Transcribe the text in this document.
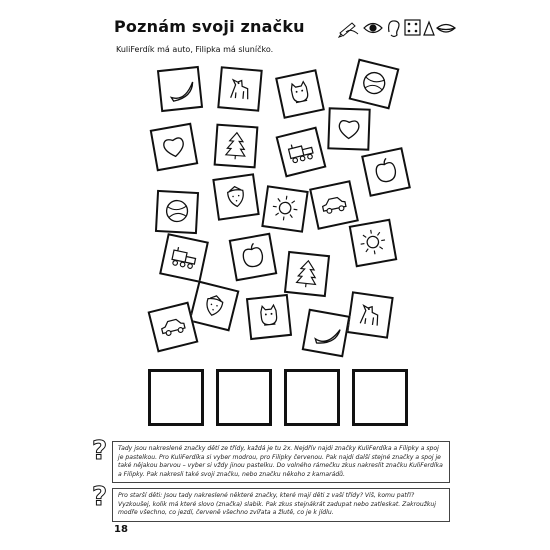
Poznám svoji značku
KuliFerdík má auto, Filipka má sluníčko.
?	Tady jsou nakreslené značky dětí ze třídy, každá je tu 2x. Nejdřív najdi značky KuliFerdíka a Filipky a spoj je pastelkou. Pro KuliFerdíka si vyber modrou, pro Filipky červenou. Pak najdi další stejné značky a spoj je také nějakou barvou – vyber si vždy jinou pastelku. Do volného rámečku zkus nakreslit značku KuliFerdíka a Filipky. Pak nakresli také svoji značku, nebo značku někoho z kamarádů.
?	Pro starší děti: Jsou tady nakreslené některé značky, které mají děti z vaší třídy? Víš, komu patří? Vyzkoušej, kolik má které slovo (značka) slabik. Pak zkus stejnákrát zadupat nebo zatleskat. Zakroužkuj modře všechno, co jezdí, červeně všechno zvířata a žlutě, co je k jídlu.
18
